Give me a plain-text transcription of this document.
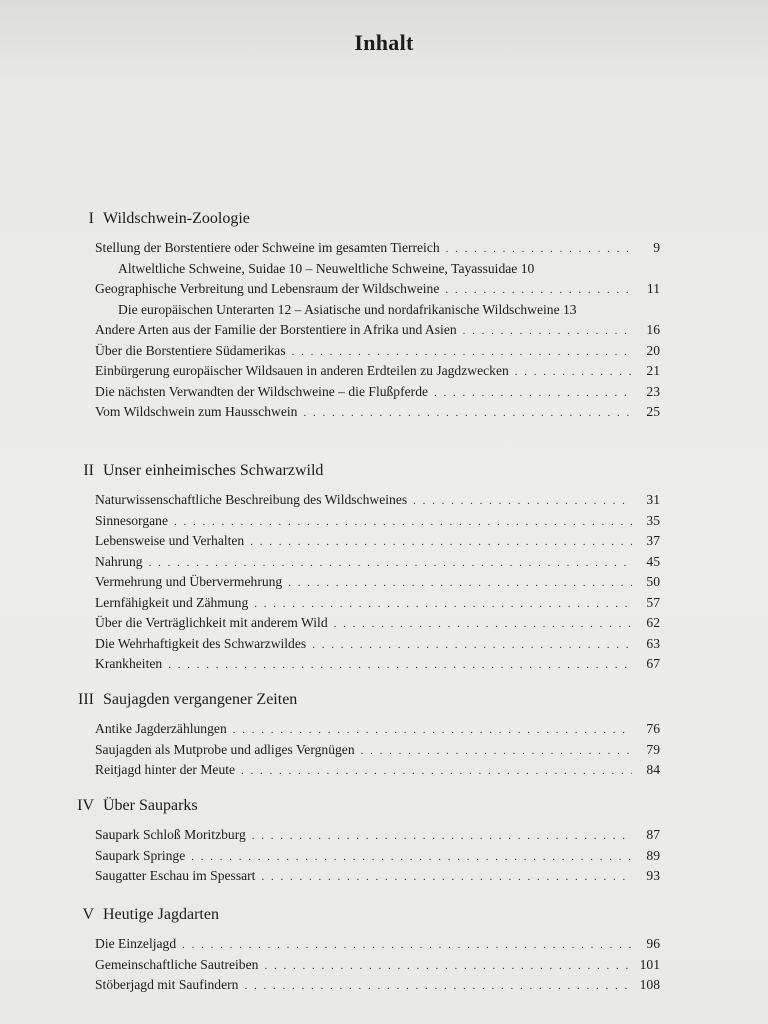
Inhalt
I Wildschwein-Zoologie
Stellung der Borstentiere oder Schweine im gesamten Tierreich . . .	9
Altweltliche Schweine, Suidae 10 – Neuweltliche Schweine, Tayassuidae 10
Geographische Verbreitung und Lebensraum der Wildschweine . . .	11
Die europäischen Unterarten 12 – Asiatische und nordafrikanische Wildschweine 13
Andere Arten aus der Familie der Borstentiere in Afrika und Asien . . .	16
Über die Borstentiere Südamerikas . . .	20
Einbürgerung europäischer Wildsauen in anderen Erdteilen zu Jagdzwecken . . .	21
Die nächsten Verwandten der Wildschweine – die Flußpferde . . .	23
Vom Wildschwein zum Hausschwein . . .	25
II Unser einheimisches Schwarzwild
Naturwissenschaftliche Beschreibung des Wildschweines . . .	31
Sinnesorgane . . .	35
Lebensweise und Verhalten . . .	37
Nahrung . . .	45
Vermehrung und Übervermehrung . . .	50
Lernfähigkeit und Zähmung . . .	57
Über die Verträglichkeit mit anderem Wild . . .	62
Die Wehrhaftigkeit des Schwarzwildes . . .	63
Krankheiten . . .	67
III Saujagden vergangener Zeiten
Antike Jagderzählungen . . .	76
Saujagden als Mutprobe und adliges Vergnügen . . .	79
Reitjagd hinter der Meute . . .	84
IV Über Sauparks
Saupark Schloß Moritzburg . . .	87
Saupark Springe . . .	89
Saugatter Eschau im Spessart . . .	93
V Heutige Jagdarten
Die Einzeljagd . . .	96
Gemeinschaftliche Sautreiben . . .	101
Stöberjagd mit Saufindern . . .	108
